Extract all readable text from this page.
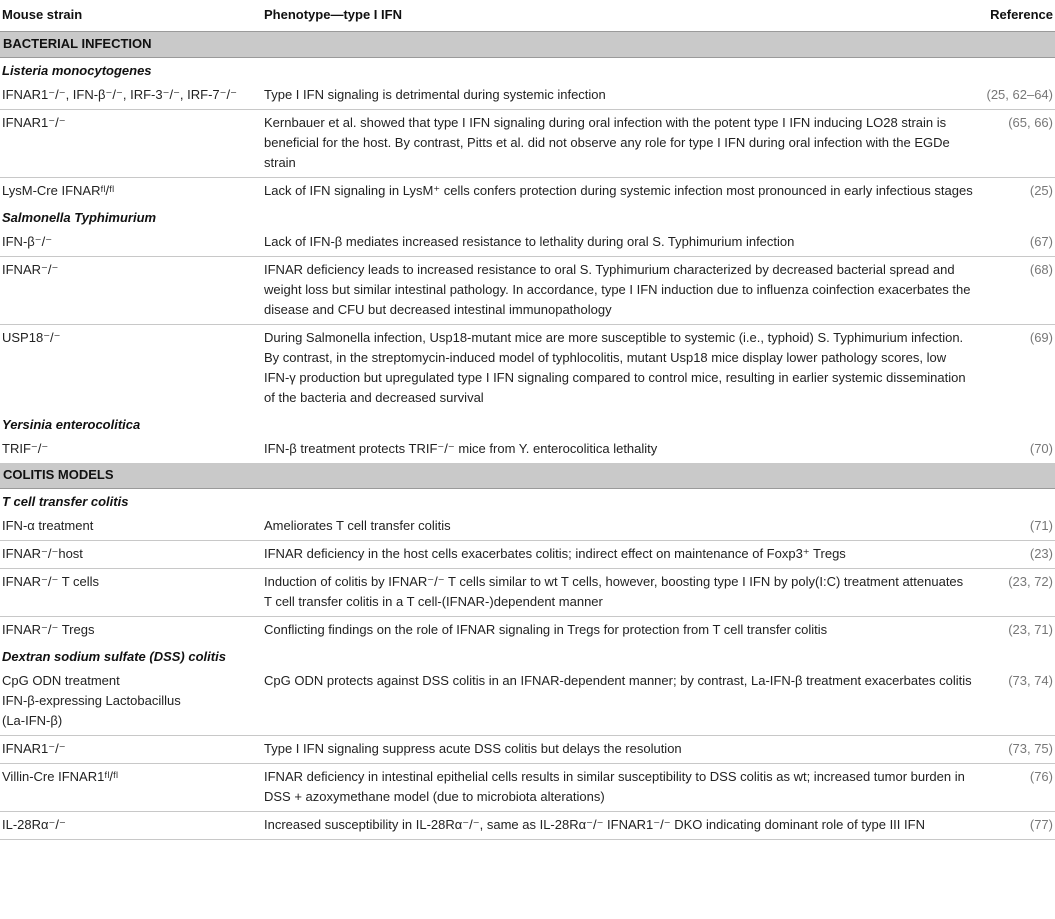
Mouse strain	Phenotype—type I IFN	Reference
BACTERIAL INFECTION		
Listeria monocytogenes		
IFNAR1⁻/⁻, IFN-β⁻/⁻, IRF-3⁻/⁻, IRF-7⁻/⁻	Type I IFN signaling is detrimental during systemic infection	(25, 62–64)
IFNAR1⁻/⁻	Kernbauer et al. showed that type I IFN signaling during oral infection with the potent type I IFN inducing LO28 strain is beneficial for the host. By contrast, Pitts et al. did not observe any role for type I IFN during oral infection with the EGDe strain	(65, 66)
LysM-Cre IFNARᶠˡ/ᶠˡ	Lack of IFN signaling in LysM⁺ cells confers protection during systemic infection most pronounced in early infectious stages	(25)
Salmonella Typhimurium		
IFN-β⁻/⁻	Lack of IFN-β mediates increased resistance to lethality during oral S. Typhimurium infection	(67)
IFNAR⁻/⁻	IFNAR deficiency leads to increased resistance to oral S. Typhimurium characterized by decreased bacterial spread and weight loss but similar intestinal pathology. In accordance, type I IFN induction due to influenza coinfection exacerbates the disease and CFU but decreased intestinal immunopathology	(68)
USP18⁻/⁻	During Salmonella infection, Usp18-mutant mice are more susceptible to systemic (i.e., typhoid) S. Typhimurium infection. By contrast, in the streptomycin-induced model of typhlocolitis, mutant Usp18 mice display lower pathology scores, low IFN-γ production but upregulated type I IFN signaling compared to control mice, resulting in earlier systemic dissemination of the bacteria and decreased survival	(69)
Yersinia enterocolitica		
TRIF⁻/⁻	IFN-β treatment protects TRIF⁻/⁻ mice from Y. enterocolitica lethality	(70)
COLITIS MODELS		
T cell transfer colitis		
IFN-α treatment	Ameliorates T cell transfer colitis	(71)
IFNAR⁻/⁻host	IFNAR deficiency in the host cells exacerbates colitis; indirect effect on maintenance of Foxp3⁺ Tregs	(23)
IFNAR⁻/⁻ T cells	Induction of colitis by IFNAR⁻/⁻ T cells similar to wt T cells, however, boosting type I IFN by poly(I:C) treatment attenuates T cell transfer colitis in a T cell-(IFNAR-)dependent manner	(23, 72)
IFNAR⁻/⁻ Tregs	Conflicting findings on the role of IFNAR signaling in Tregs for protection from T cell transfer colitis	(23, 71)
Dextran sodium sulfate (DSS) colitis		
CpG ODN treatment
IFN-β-expressing Lactobacillus
(La-IFN-β)	CpG ODN protects against DSS colitis in an IFNAR-dependent manner; by contrast, La-IFN-β treatment exacerbates colitis	(73, 74)
IFNAR1⁻/⁻	Type I IFN signaling suppress acute DSS colitis but delays the resolution	(73, 75)
Villin-Cre IFNAR1ᶠˡ/ᶠˡ	IFNAR deficiency in intestinal epithelial cells results in similar susceptibility to DSS colitis as wt; increased tumor burden in DSS + azoxymethane model (due to microbiota alterations)	(76)
IL-28Rα⁻/⁻	Increased susceptibility in IL-28Rα⁻/⁻, same as IL-28Rα⁻/⁻ IFNAR1⁻/⁻ DKO indicating dominant role of type III IFN	(77)
